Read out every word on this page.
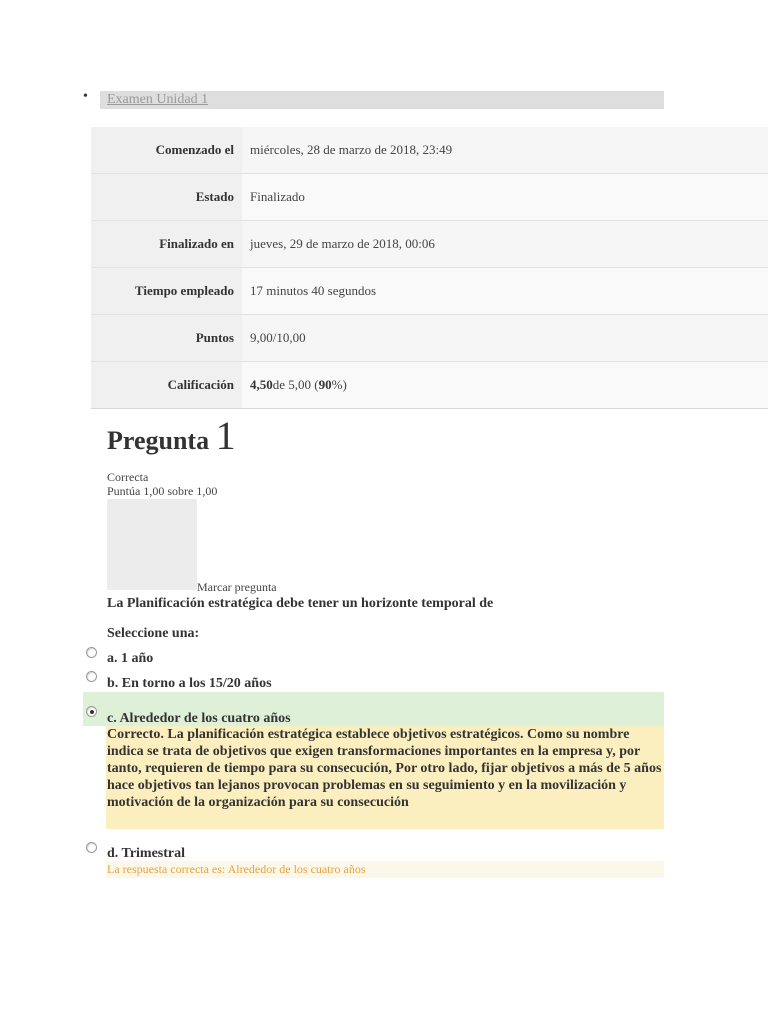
• Examen Unidad 1
Comenzado el	miércoles, 28 de marzo de 2018, 23:49
Estado	Finalizado
Finalizado en	jueves, 29 de marzo de 2018, 00:06
Tiempo empleado	17 minutos 40 segundos
Puntos	9,00/10,00
Calificación	4,50 de 5,00 ( 90 %)
Pregunta 1
Correcta
Puntúa 1,00 sobre 1,00
Marcar pregunta
La Planificación estratégica debe tener un horizonte temporal de
Seleccione una:
a. 1 año
b. En torno a los 15/20 años
c. Alrededor de los cuatro años
Correcto. La planificación estratégica establece objetivos estratégicos. Como su nombre indica se trata de objetivos que exigen transformaciones importantes en la empresa y, por tanto, requieren de tiempo para su consecución, Por otro lado, fijar objetivos a más de 5 años hace objetivos tan lejanos provocan problemas en su seguimiento y en la movilización y motivación de la organización para su consecución
d. Trimestral
La respuesta correcta es: Alrededor de los cuatro años
